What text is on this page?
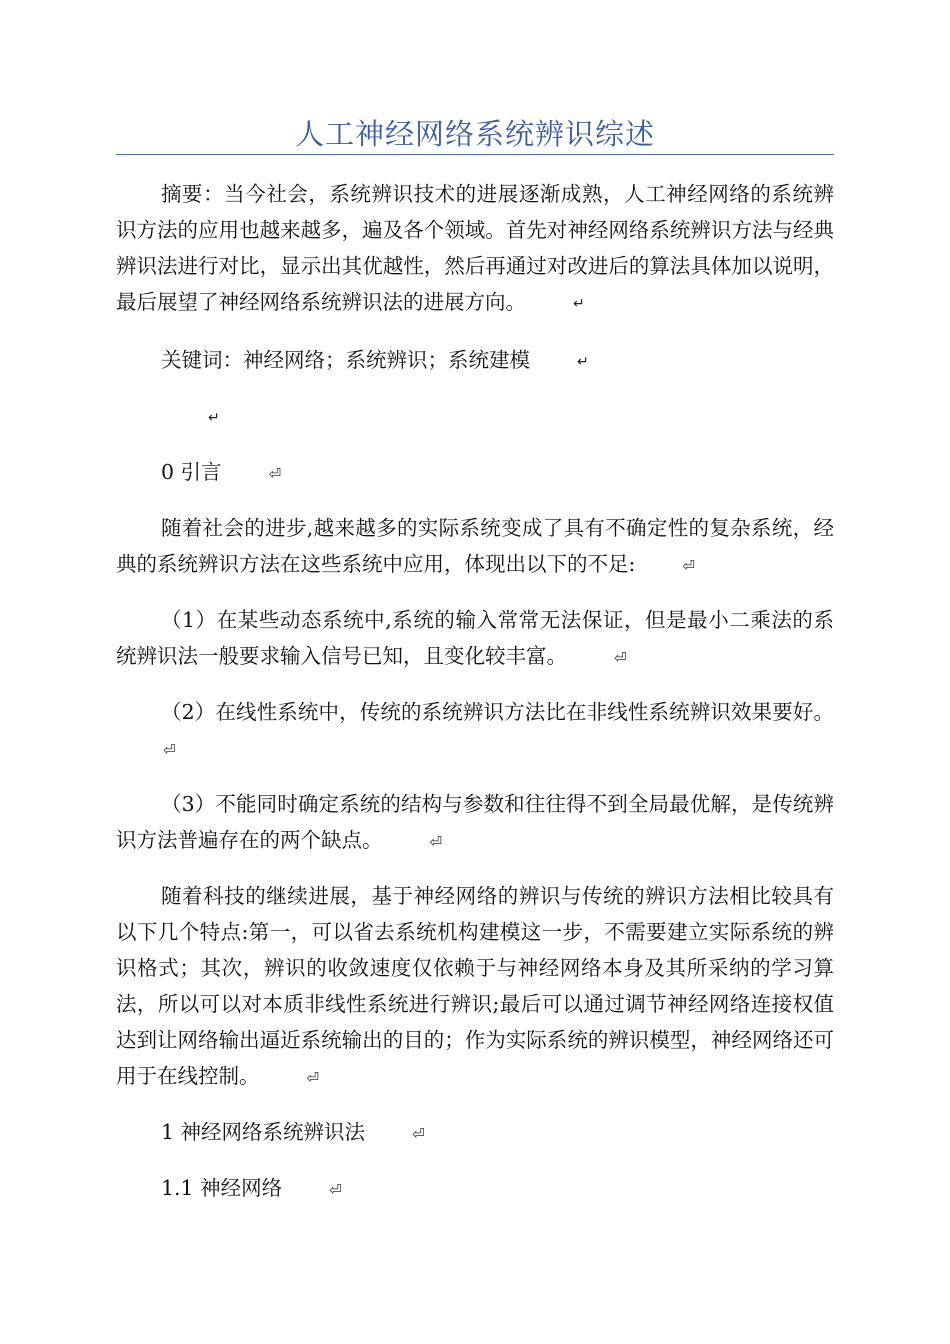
人工神经网络系统辨识综述

摘要：当今社会，系统辨识技术的进展逐渐成熟，人工神经网络的系统辨识方法的应用也越来越多，遍及各个领域。首先对神经网络系统辨识方法与经典辨识法进行对比，显示出其优越性，然后再通过对改进后的算法具体加以说明，最后展望了神经网络系统辨识法的进展方向。	↵

关键词：神经网络；系统辨识；系统建模	↵

↵

0 引言	⏎

随着社会的进步,越来越多的实际系统变成了具有不确定性的复杂系统，经典的系统辨识方法在这些系统中应用，体现出以下的不足:	⏎

（1）在某些动态系统中,系统的输入常常无法保证，但是最小二乘法的系统辨识法一般要求输入信号已知，且变化较丰富。	⏎

（2）在线性系统中，传统的系统辨识方法比在非线性系统辨识效果要好。⏎

（3）不能同时确定系统的结构与参数和往往得不到全局最优解，是传统辨识方法普遍存在的两个缺点。	⏎

随着科技的继续进展，基于神经网络的辨识与传统的辨识方法相比较具有以下几个特点:第一，可以省去系统机构建模这一步，不需要建立实际系统的辨识格式；其次，辨识的收敛速度仅依赖于与神经网络本身及其所采纳的学习算法，所以可以对本质非线性系统进行辨识;最后可以通过调节神经网络连接权值达到让网络输出逼近系统输出的目的；作为实际系统的辨识模型，神经网络还可用于在线控制。	⏎

1 神经网络系统辨识法	⏎

1.1 神经网络	⏎
